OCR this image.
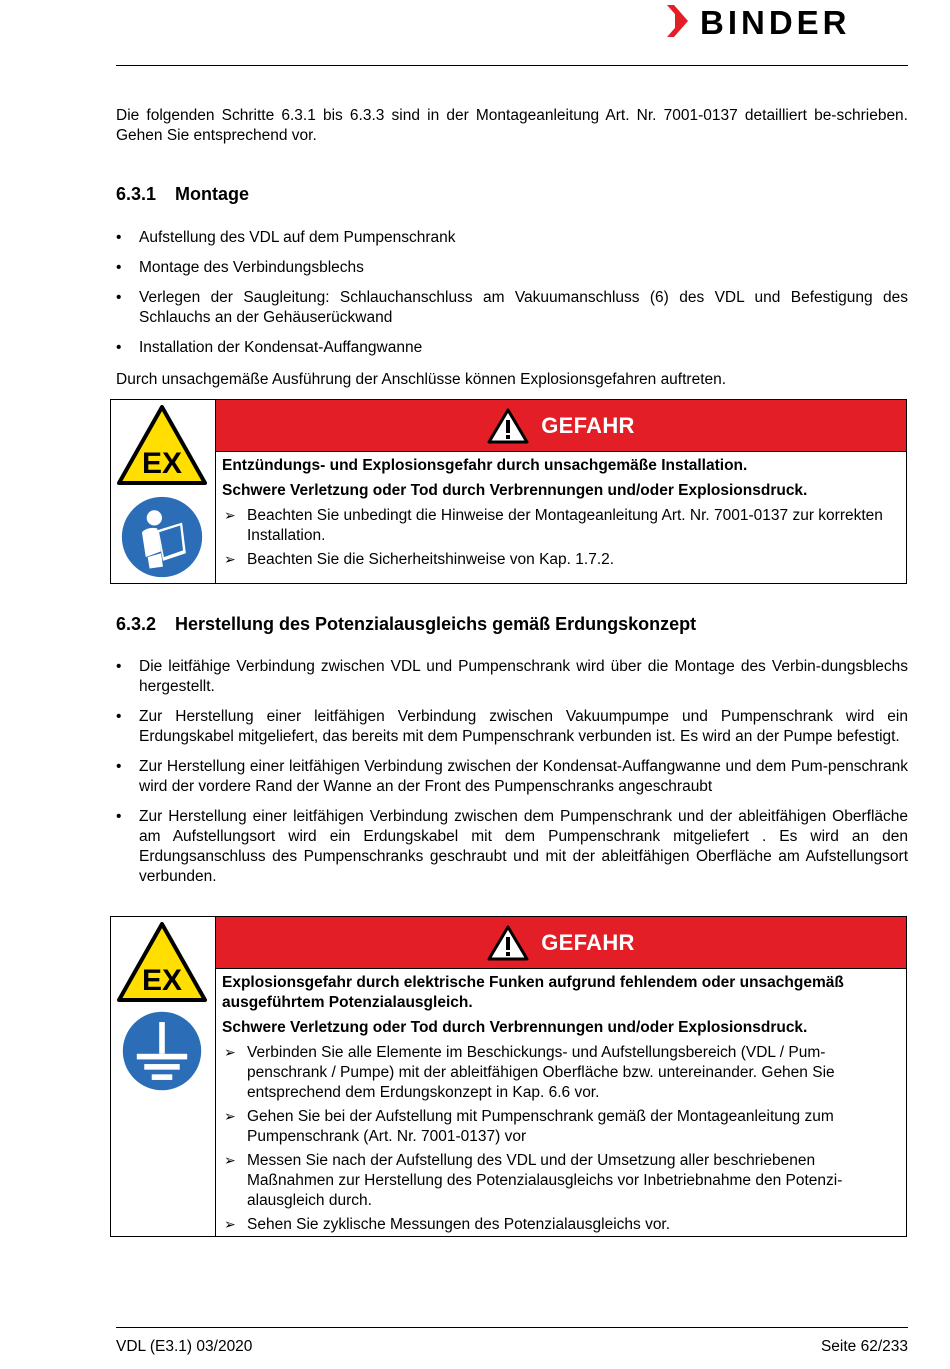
BINDER
Die folgenden Schritte 6.3.1 bis 6.3.3 sind in der Montageanleitung Art. Nr. 7001-0137 detailliert be-schrieben. Gehen Sie entsprechend vor.
6.3.1 Montage
• Aufstellung des VDL auf dem Pumpenschrank
• Montage des Verbindungsblechs
• Verlegen der Saugleitung: Schlauchanschluss am Vakuumanschluss (6) des VDL und Befestigung des Schlauchs an der Gehäuserückwand
• Installation der Kondensat-Auffangwanne
Durch unsachgemäße Ausführung der Anschlüsse können Explosionsgefahren auftreten.
EX
GEFAHR
Entzündungs- und Explosionsgefahr durch unsachgemäße Installation.
Schwere Verletzung oder Tod durch Verbrennungen und/oder Explosionsdruck.
➢ Beachten Sie unbedingt die Hinweise der Montageanleitung Art. Nr. 7001-0137 zur korrekten Installation.
➢ Beachten Sie die Sicherheitshinweise von Kap. 1.7.2.
6.3.2 Herstellung des Potenzialausgleichs gemäß Erdungskonzept
• Die leitfähige Verbindung zwischen VDL und Pumpenschrank wird über die Montage des Verbin-dungsblechs hergestellt.
• Zur Herstellung einer leitfähigen Verbindung zwischen Vakuumpumpe und Pumpenschrank wird ein Erdungskabel mitgeliefert, das bereits mit dem Pumpenschrank verbunden ist. Es wird an der Pumpe befestigt.
• Zur Herstellung einer leitfähigen Verbindung zwischen der Kondensat-Auffangwanne und dem Pum-penschrank wird der vordere Rand der Wanne an der Front des Pumpenschranks angeschraubt
• Zur Herstellung einer leitfähigen Verbindung zwischen dem Pumpenschrank und der ableitfähigen Oberfläche am Aufstellungsort wird ein Erdungskabel mit dem Pumpenschrank mitgeliefert . Es wird an den Erdungsanschluss des Pumpenschranks geschraubt und mit der ableitfähigen Oberfläche am Aufstellungsort verbunden.
EX
GEFAHR
Explosionsgefahr durch elektrische Funken aufgrund fehlendem oder unsachgemäß ausgeführtem Potenzialausgleich.
Schwere Verletzung oder Tod durch Verbrennungen und/oder Explosionsdruck.
➢ Verbinden Sie alle Elemente im Beschickungs- und Aufstellungsbereich (VDL / Pum-penschrank / Pumpe) mit der ableitfähigen Oberfläche bzw. untereinander. Gehen Sie entsprechend dem Erdungskonzept in Kap. 6.6 vor.
➢ Gehen Sie bei der Aufstellung mit Pumpenschrank gemäß der Montageanleitung zum Pumpenschrank (Art. Nr. 7001-0137) vor
➢ Messen Sie nach der Aufstellung des VDL und der Umsetzung aller beschriebenen Maßnahmen zur Herstellung des Potenzialausgleichs vor Inbetriebnahme den Potenzi-alausgleich durch.
➢ Sehen Sie zyklische Messungen des Potenzialausgleichs vor.
VDL (E3.1) 03/2020	Seite 62/233
